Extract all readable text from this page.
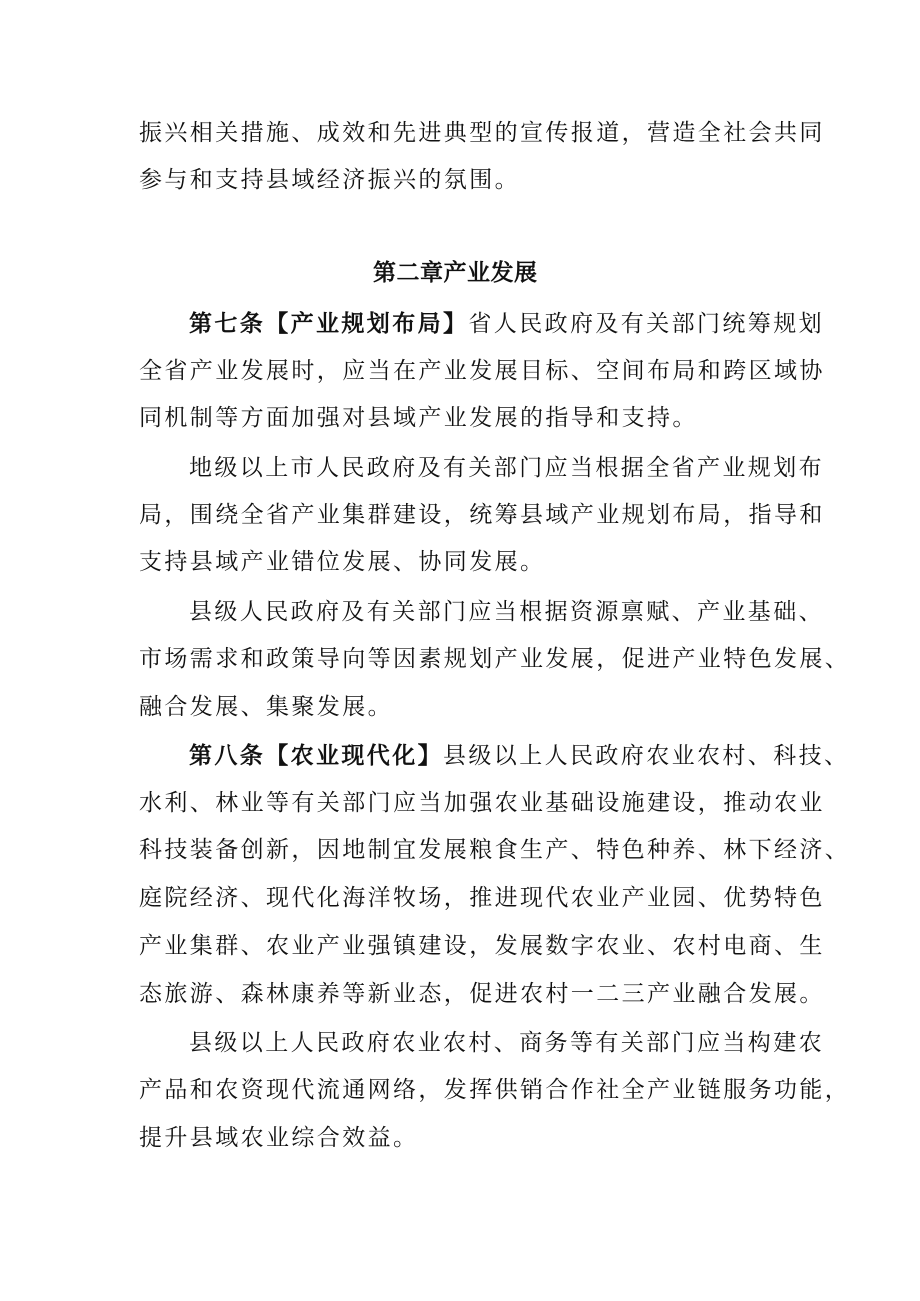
振兴相关措施、成效和先进典型的宣传报道，营造全社会共同
参与和支持县域经济振兴的氛围。
第二章产业发展
第七条【产业规划布局】省人民政府及有关部门统筹规划
全省产业发展时，应当在产业发展目标、空间布局和跨区域协
同机制等方面加强对县域产业发展的指导和支持。
地级以上市人民政府及有关部门应当根据全省产业规划布
局，围绕全省产业集群建设，统筹县域产业规划布局，指导和
支持县域产业错位发展、协同发展。
县级人民政府及有关部门应当根据资源禀赋、产业基础、
市场需求和政策导向等因素规划产业发展，促进产业特色发展、
融合发展、集聚发展。
第八条【农业现代化】县级以上人民政府农业农村、科技、
水利、林业等有关部门应当加强农业基础设施建设，推动农业
科技装备创新，因地制宜发展粮食生产、特色种养、林下经济、
庭院经济、现代化海洋牧场，推进现代农业产业园、优势特色
产业集群、农业产业强镇建设，发展数字农业、农村电商、生
态旅游、森林康养等新业态，促进农村一二三产业融合发展。
县级以上人民政府农业农村、商务等有关部门应当构建农
产品和农资现代流通网络，发挥供销合作社全产业链服务功能，
提升县域农业综合效益。
